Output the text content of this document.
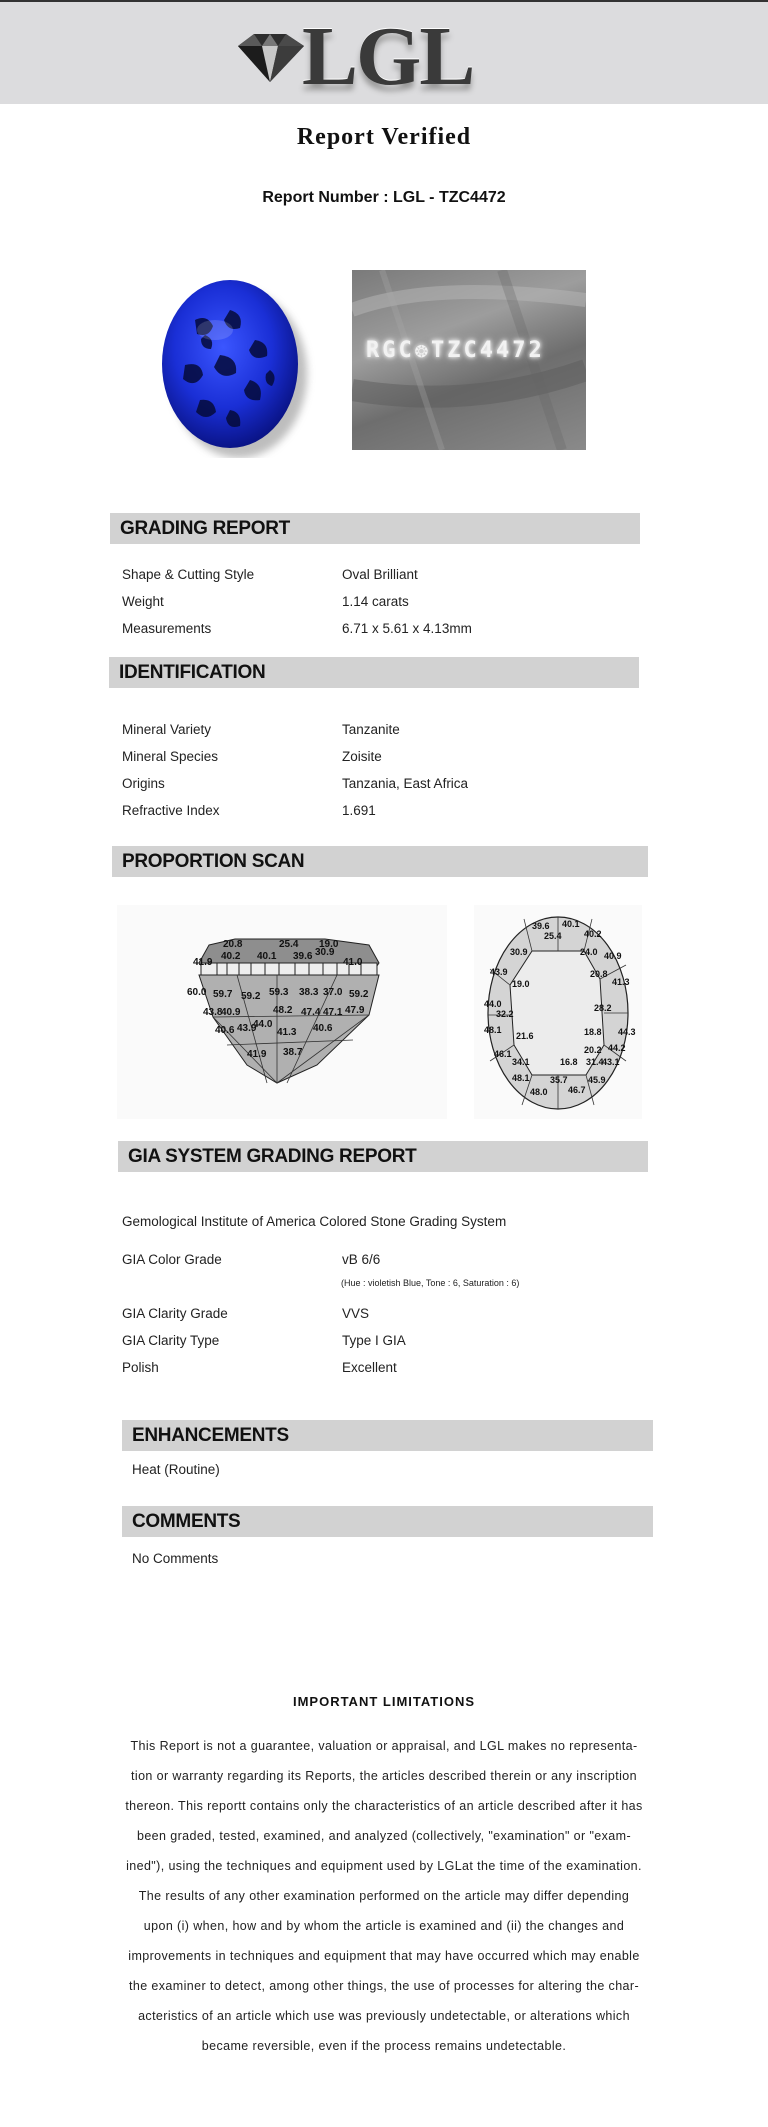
LGL
Report Verified
Report Number : LGL - TZC4472
RGC❂TZC4472
GRADING REPORT
Shape & Cutting Style	Oval Brilliant
Weight	1.14 carats
Measurements	6.71 x 5.61 x 4.13mm
IDENTIFICATION
Mineral Variety	Tanzanite
Mineral Species	Zoisite
Origins	Tanzania, East Africa
Refractive Index	1.691
PROPORTION SCAN
20.8	25.4 19.0
41.9
40.2 40.1 39.6 30.9
41.0
60.0 59.7 59.2 59.3 38.3 37.0 59.2
48.2 47.4 47.1 47.9
43.8
40.9
40.6 43.9 41.3 40.6
44.0
41.9 38.7
39.6 40.1
25.4 40.2
30.9	24.0 40.9
43.9	20.8
41.3
19.0
44.0	28.2
32.2
48.1
21.6	18.8 44.3
20.2 44.2
46.1
34.1	16.8 31.4
43.1
48.1 35.7 45.9
48.0 46.7
GIA SYSTEM GRADING REPORT
Gemological Institute of America Colored Stone Grading System
GIA Color Grade	vB 6/6
(Hue : violetish Blue, Tone : 6, Saturation : 6)
GIA Clarity Grade	VVS
GIA Clarity Type	Type I GIA
Polish	Excellent
ENHANCEMENTS
Heat (Routine)
COMMENTS
No Comments
IMPORTANT LIMITATIONS
This Report is not a guarantee, valuation or appraisal, and LGL makes no representa-
tion or warranty regarding its Reports, the articles described therein or any inscription
thereon. This reportt contains only the characteristics of an article described after it has
been graded, tested, examined, and analyzed (collectively, "examination" or "exam-
ined"), using the techniques and equipment used by LGLat the time of the examination.
The results of any other examination performed on the article may differ depending
upon (i) when, how and by whom the article is examined and (ii) the changes and
improvements in techniques and equipment that may have occurred which may enable
the examiner to detect, among other things, the use of processes for altering the char-
acteristics of an article which use was previously undetectable, or alterations which
became reversible, even if the process remains undetectable.
